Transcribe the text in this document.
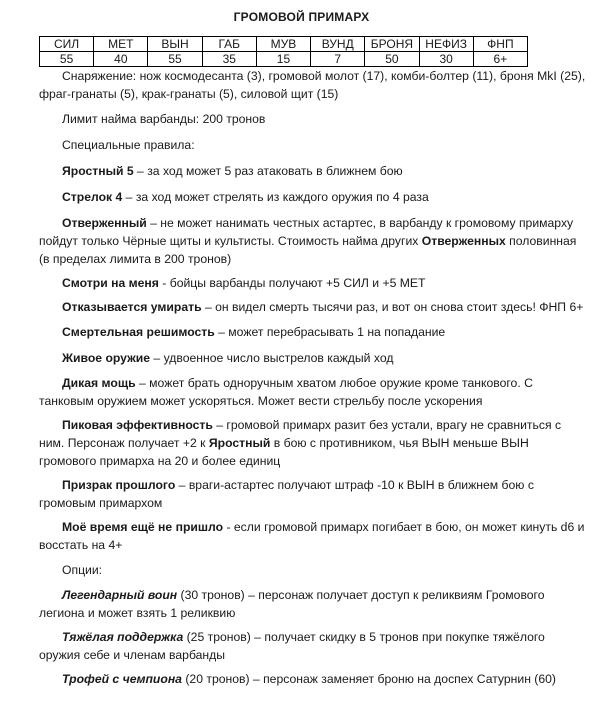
ГРОМОВОЙ ПРИМАРХ
СИЛ	МЕТ	ВЫН	ГАБ	МУВ	ВУНД	БРОНЯ	НЕФИЗ	ФНП
55	40	55	35	15	7	50	30	6+

Снаряжение: нож космодесанта (3), громовой молот (17), комби-болтер (11), броня MkI (25), фраг-гранаты (5), крак-гранаты (5), силовой щит (15)

Лимит найма варбанды: 200 тронов

Специальные правила:

Яростный 5 – за ход может 5 раз атаковать в ближнем бою

Стрелок 4 – за ход может стрелять из каждого оружия по 4 раза

Отверженный – не может нанимать честных астартес, в варбанду к громовому примарху пойдут только Чёрные щиты и культисты. Стоимость найма других Отверженных половинная (в пределах лимита в 200 тронов)

Смотри на меня - бойцы варбанды получают +5 СИЛ и +5 МЕТ

Отказывается умирать – он видел смерть тысячи раз, и вот он снова стоит здесь! ФНП 6+

Смертельная решимость – может перебрасывать 1 на попадание

Живое оружие – удвоенное число выстрелов каждый ход

Дикая мощь – может брать одноручным хватом любое оружие кроме танкового. С танковым оружием может ускоряться. Может вести стрельбу после ускорения

Пиковая эффективность – громовой примарх разит без устали, врагу не сравниться с ним. Персонаж получает +2 к Яростный в бою с противником, чья ВЫН меньше ВЫН громового примарха на 20 и более единиц

Призрак прошлого – враги-астартес получают штраф -10 к ВЫН в ближнем бою с громовым примархом

Моё время ещё не пришло - если громовой примарх погибает в бою, он может кинуть d6 и восстать на 4+

Опции:

Легендарный воин (30 тронов) – персонаж получает доступ к реликвиям Громового легиона и может взять 1 реликвию

Тяжёлая поддержка (25 тронов) – получает скидку в 5 тронов при покупке тяжёлого оружия себе и членам варбанды

Трофей с чемпиона (20 тронов) – персонаж заменяет броню на доспех Сатурнин (60)
